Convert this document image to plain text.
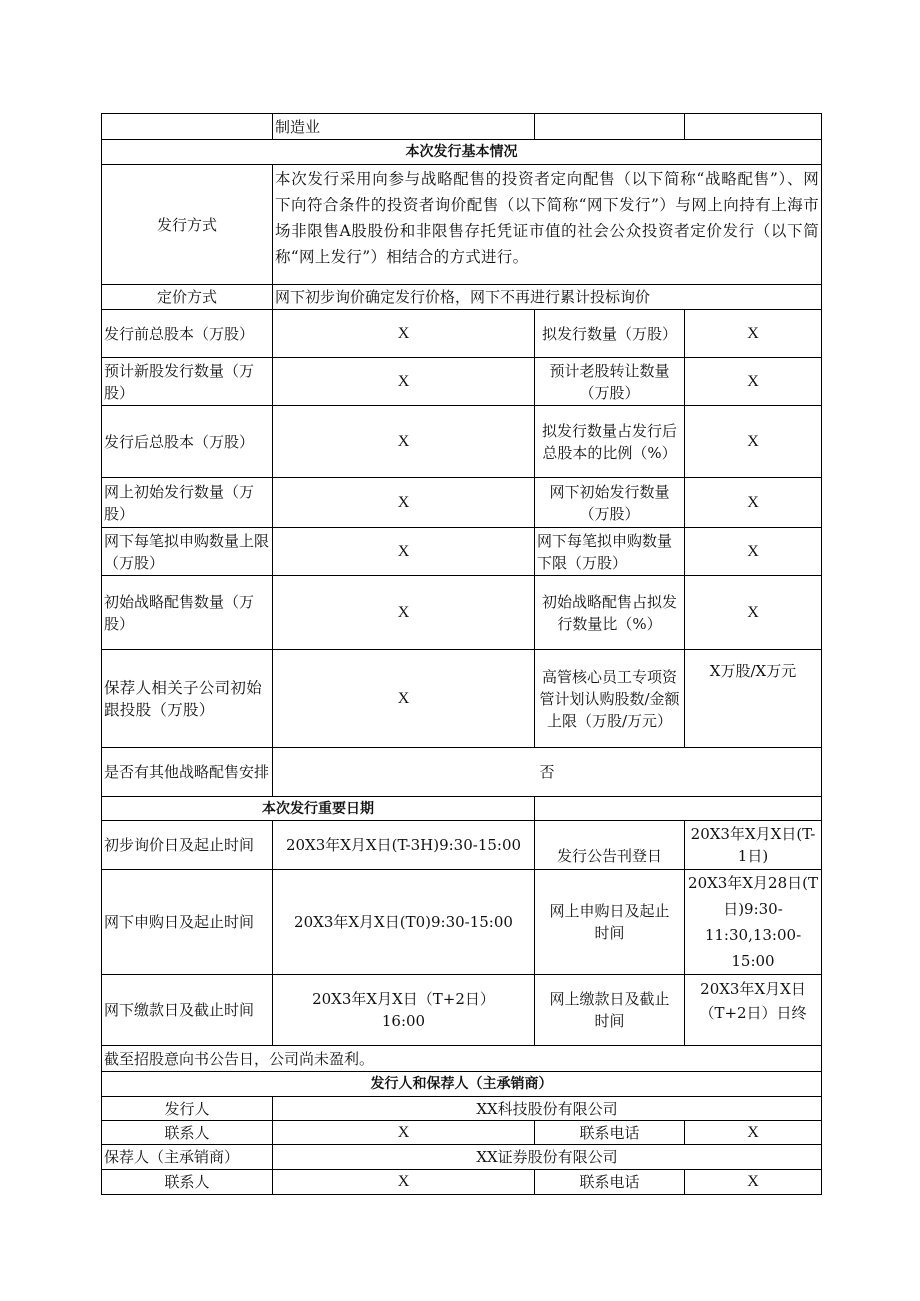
	制造业		
本次发行基本情况			
发行方式	本次发行采用向参与战略配售的投资者定向配售（以下简称“战略配售”）、网下向符合条件的投资者询价配售（以下简称“网下发行”）与网上向持有上海市场非限售A股股份和非限售存托凭证市值的社会公众投资者定价发行（以下简称“网上发行”）相结合的方式进行。		
定价方式	网下初步询价确定发行价格，网下不再进行累计投标询价		
发行前总股本（万股）	X	拟发行数量（万股）	X
预计新股发行数量（万股）	X	预计老股转让数量（万股）	X
发行后总股本（万股）	X	拟发行数量占发行后总股本的比例（%）	X
网上初始发行数量（万股）	X	网下初始发行数量（万股）	X
网下每笔拟申购数量上限（万股）	X	网下每笔拟申购数量下限（万股）	X
初始战略配售数量（万股）	X	初始战略配售占拟发行数量比（%）	X
保荐人相关子公司初始跟投股（万股）	X	高管核心员工专项资管计划认购股数/金额上限（万股/万元）	X万股/X万元
是否有其他战略配售安排	否		
本次发行重要日期			
初步询价日及起止时间	20X3年X月X日(T-3H)9:30-15:00	发行公告刊登日	20X3年X月X日(T-1日)
网下申购日及起止时间	20X3年X月X日(T0)9:30-15:00	网上申购日及起止时间	20X3年X月28日(T日)9:30-11:30,13:00-15:00
网下缴款日及截止时间	20X3年X月X日（T+2日）16:00	网上缴款日及截止时间	20X3年X月X日（T+2日）日终
截至招股意向书公告日，公司尚未盈利。			
发行人和保荐人（主承销商）			
发行人	XX科技股份有限公司		
联系人	X	联系电话	X
保荐人（主承销商）	XX证券股份有限公司		
联系人	X	联系电话	X
